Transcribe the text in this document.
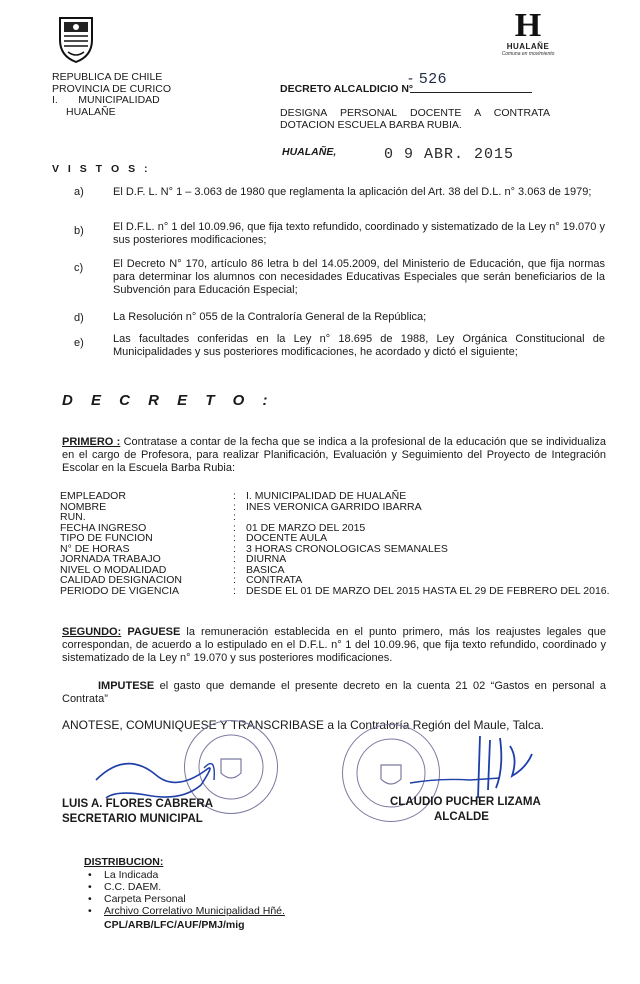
H
HUALAÑE
Comuna en movimiento
REPUBLICA DE CHILE
PROVINCIA DE CURICO
I.       MUNICIPALIDAD
HUALAÑE
DECRETO ALCALDICIO N°
- 526
DESIGNA PERSONAL DOCENTE A CONTRATA DOTACION ESCUELA BARBA RUBIA.
HUALAÑE,	0 9 ABR. 2015
V I S T O S :
a)	El D.F. L. N° 1 – 3.063 de 1980 que reglamenta la aplicación del Art. 38 del D.L. n° 3.063 de 1979;
b)	El D.F.L. n° 1 del 10.09.96, que fija texto refundido, coordinado y sistematizado de la Ley n° 19.070 y sus posteriores modificaciones;
c)	El Decreto N° 170, artículo 86 letra b del 14.05.2009, del Ministerio de Educación, que fija normas para determinar los alumnos con necesidades Educativas Especiales que serán beneficiarios de la Subvención para Educación Especial;
d)	La Resolución n° 055 de la Contraloría General de la República;
e)	Las facultades conferidas en la Ley n° 18.695 de 1988, Ley Orgánica Constitucional de Municipalidades y sus posteriores modificaciones, he acordado y dictó el siguiente;
D E C R E T O :
PRIMERO : Contratase a contar de la fecha que se indica a la profesional de la educación que se individualiza en el cargo de Profesora, para realizar Planificación, Evaluación y Seguimiento del Proyecto de Integración Escolar en la Escuela Barba Rubia:
EMPLEADOR	: I. MUNICIPALIDAD DE HUALAÑE
NOMBRE	: INES VERONICA GARRIDO IBARRA
RUN.	:
FECHA INGRESO	: 01 DE MARZO DEL 2015
TIPO DE FUNCION	: DOCENTE AULA
N° DE HORAS	: 3 HORAS CRONOLOGICAS SEMANALES
JORNADA TRABAJO	: DIURNA
NIVEL O MODALIDAD	: BASICA
CALIDAD DESIGNACION	: CONTRATA
PERIODO DE VIGENCIA	: DESDE EL 01 DE MARZO DEL 2015 HASTA EL 29 DE FEBRERO DEL 2016.
SEGUNDO: PAGUESE la remuneración establecida en el punto primero, más los reajustes legales que correspondan, de acuerdo a lo estipulado en el D.F.L. n° 1 del 10.09.96, que fija texto refundido, coordinado y sistematizado de la Ley n° 19.070 y sus posteriores modificaciones.
IMPUTESE el gasto que demande el presente decreto en la cuenta 21 02 “Gastos en personal a Contrata”
ANOTESE, COMUNIQUESE Y TRANSCRIBASE a la Contraloría Región del Maule, Talca.
LUIS A. FLORES CABRERA
SECRETARIO MUNICIPAL
CLAUDIO PUCHER LIZAMA
ALCALDE
DISTRIBUCION:
• La Indicada
• C.C. DAEM.
• Carpeta Personal
• Archivo Correlativo Municipalidad Hñé.
CPL/ARB/LFC/AUF/PMJ/mig
